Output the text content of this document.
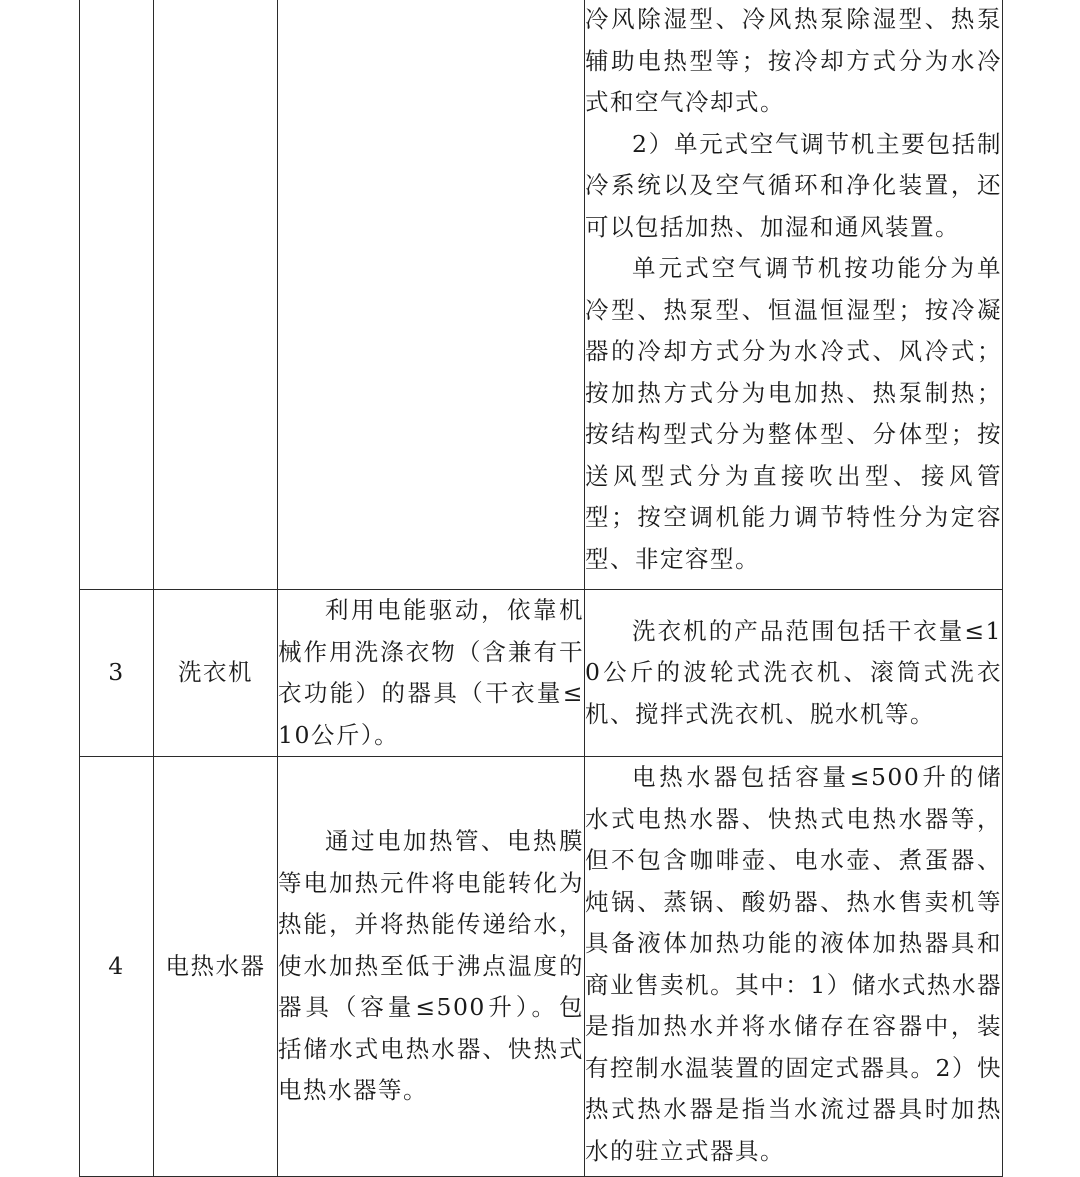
			冷风除湿型、冷风热泵除湿型、热泵辅助电热型等；按冷却方式分为水冷式和空气冷却式。

2）单元式空气调节机主要包括制冷系统以及空气循环和净化装置，还可以包括加热、加湿和通风装置。

单元式空气调节机按功能分为单冷型、热泵型、恒温恒湿型；按冷凝器的冷却方式分为水冷式、风冷式；按加热方式分为电加热、热泵制热；按结构型式分为整体型、分体型；按送风型式分为直接吹出型、接风管型；按空调机能力调节特性分为定容型、非定容型。

3	洗衣机	利用电能驱动，依靠机械作用洗涤衣物（含兼有干衣功能）的器具（干衣量≤10公斤）。	洗衣机的产品范围包括干衣量≤10公斤的波轮式洗衣机、滚筒式洗衣机、搅拌式洗衣机、脱水机等。

4	电热水器	通过电加热管、电热膜等电加热元件将电能转化为热能，并将热能传递给水，使水加热至低于沸点温度的器具（容量≤500升）。包括储水式电热水器、快热式电热水器等。	电热水器包括容量≤500升的储水式电热水器、快热式电热水器等，但不包含咖啡壶、电水壶、煮蛋器、炖锅、蒸锅、酸奶器、热水售卖机等具备液体加热功能的液体加热器具和商业售卖机。其中：1）储水式热水器是指加热水并将水储存在容器中，装有控制水温装置的固定式器具。2）快热式热水器是指当水流过器具时加热水的驻立式器具。
